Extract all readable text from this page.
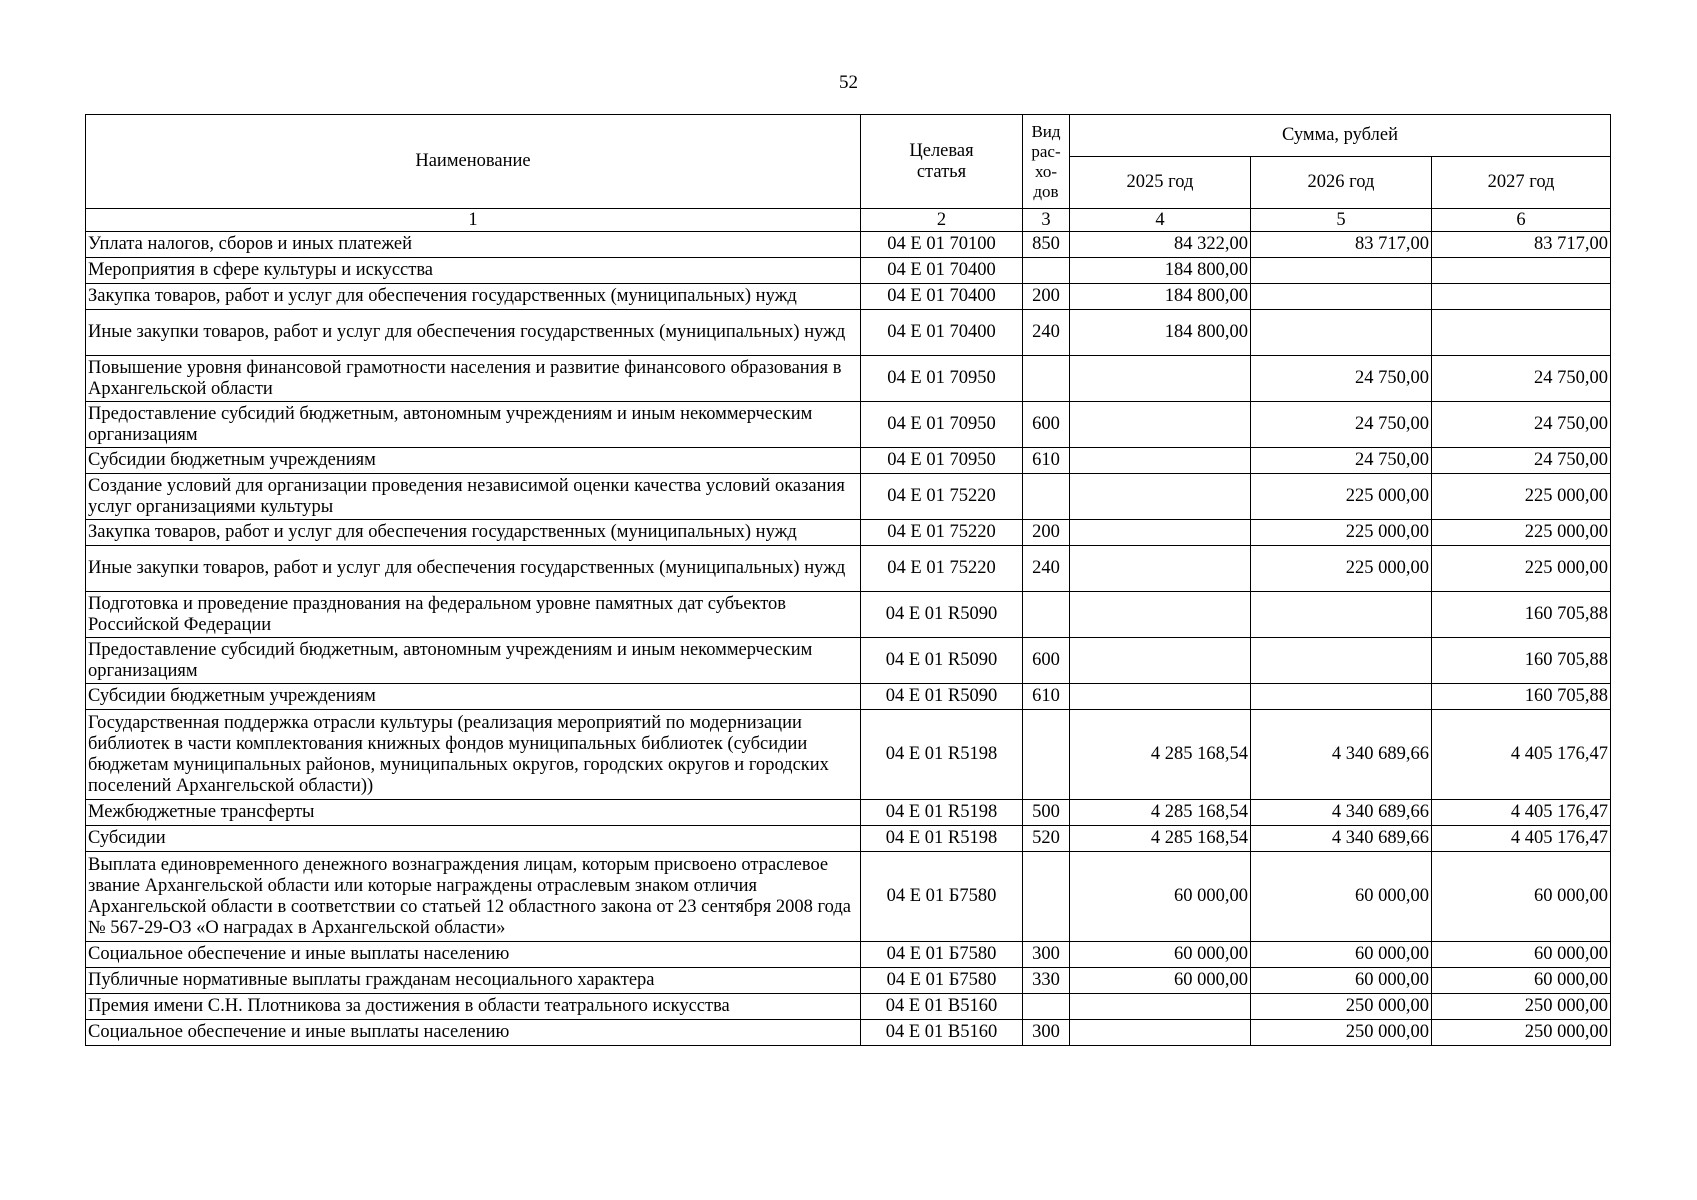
52
Наименование	Целевая статья	Вид
рас-
хо-
дов	Сумма, рублей		
			2025 год	2026 год	2027 год
1	2	3	4	5	6
Уплата налогов, сборов и иных платежей	04 E 01 70100	850	84 322,00	83 717,00	83 717,00
Мероприятия в сфере культуры и искусства	04 E 01 70400		184 800,00		
Закупка товаров, работ и услуг для обеспечения государственных (муниципальных) нужд	04 E 01 70400	200	184 800,00		
Иные закупки товаров, работ и услуг для обеспечения государственных (муниципальных) нужд	04 E 01 70400	240	184 800,00		
Повышение уровня финансовой грамотности населения и развитие финансового образования в Архангельской области	04 E 01 70950			24 750,00	24 750,00
Предоставление субсидий бюджетным, автономным учреждениям и иным некоммерческим организациям	04 E 01 70950	600		24 750,00	24 750,00
Субсидии бюджетным учреждениям	04 E 01 70950	610		24 750,00	24 750,00
Создание условий для организации проведения независимой оценки качества условий оказания услуг организациями культуры	04 E 01 75220			225 000,00	225 000,00
Закупка товаров, работ и услуг для обеспечения государственных (муниципальных) нужд	04 E 01 75220	200		225 000,00	225 000,00
Иные закупки товаров, работ и услуг для обеспечения государственных (муниципальных) нужд	04 E 01 75220	240		225 000,00	225 000,00
Подготовка и проведение празднования на федеральном уровне памятных дат субъектов Российской Федерации	04 E 01 R5090				160 705,88
Предоставление субсидий бюджетным, автономным учреждениям и иным некоммерческим организациям	04 E 01 R5090	600			160 705,88
Субсидии бюджетным учреждениям	04 E 01 R5090	610			160 705,88
Государственная поддержка отрасли культуры (реализация мероприятий по модернизации библиотек в части комплектования книжных фондов муниципальных библиотек (субсидии бюджетам муниципальных районов, муниципальных округов, городских округов и городских поселений Архангельской области))	04 E 01 R5198		4 285 168,54	4 340 689,66	4 405 176,47
Межбюджетные трансферты	04 E 01 R5198	500	4 285 168,54	4 340 689,66	4 405 176,47
Субсидии	04 E 01 R5198	520	4 285 168,54	4 340 689,66	4 405 176,47
Выплата единовременного денежного вознаграждения лицам, которым присвоено отраслевое звание Архангельской области или которые награждены отраслевым знаком отличия Архангельской области в соответствии со статьей 12 областного закона от 23 сентября 2008 года № 567-29-ОЗ «О наградах в Архангельской области»	04 E 01 Б7580		60 000,00	60 000,00	60 000,00
Социальное обеспечение и иные выплаты населению	04 E 01 Б7580	300	60 000,00	60 000,00	60 000,00
Публичные нормативные выплаты гражданам несоциального характера	04 E 01 Б7580	330	60 000,00	60 000,00	60 000,00
Премия имени С.Н. Плотникова за достижения в области театрального искусства	04 E 01 B5160			250 000,00	250 000,00
Социальное обеспечение и иные выплаты населению	04 E 01 B5160	300		250 000,00	250 000,00
